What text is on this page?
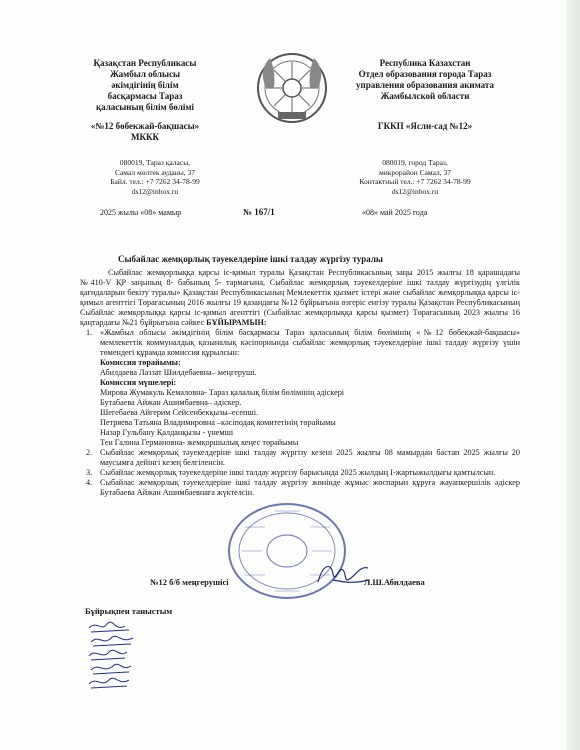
Қазақстан Республикасы
Жамбыл облысы
әкімдігінің білім
басқармасы Тараз
қаласының білім бөлімі
«№12 бөбекжай-бақшасы»
МККК
Республика Казахстан
Отдел образования города Тараз
управления образования акимата
Жамбылской области
ГККП «Ясли-сад №12»
080019, Тараз қаласы,
Самал мөлтек ауданы, 37
Байл. тел.: +7 7262 34-78-99
ds12@inbox.ru
080019, город Тараз,
микрорайон Самал, 37
Контактный тел.: +7 7262 34-78-99
ds12@inbox.ru
2025 жылы «08» мамыр	№ 167/1	«08» май 2025 года
Сыбайлас жемқорлық тәуекелдеріне ішкі талдау жүргізу туралы

Сыбайлас жемқорлыққа қарсы іс-қимыл туралы Қазақстан Республикасының заңы 2015 жылғы 18 қарашадағы №410-V ҚР заңының 8- бабының 5- тармағына, Сыбайлас жемқорлық тәуекелдеріне ішкі талдау жүргізудің үлгілік қағидаларын бекіту туралы» Қазақстан Республикасының Мемлекеттік қызмет істері және сыбайлас жемқорлыққа қарсы іс-қимыл агенттігі Төрағасының 2016 жылғы 19 қазандағы №12 бұйрығына өзгеріс енгізу туралы Қазақстан Республикасының Сыбайлас жемқорлыққа қарсы іс-қимыл агенттігі (Сыбайлас жемқорлыққа қарсы қызмет) Төрағасының 2023 жылғы 16 қаңтардағы №21 бұйрығына сәйкес БҰЙЫРАМЫН:

1. «Жамбыл облысы әкімдігінің білім басқармасы Тараз қаласының білім бөлімінің «№12 бөбекжай-бақшасы» мемлекеттік коммуналдық қазыналық кәсіпорнында сыбайлас жемқорлық тәуекелдеріне ішкі талдау жүргізу үшін төмендегі құрамда комиссия құрылсын:
Комиссия төрайымы:
Абилдаева Лаззат Шилдебаевна– меңгеруші.
Комиссия мүшелері:
Мирова Жумакуль Кемаловна- Тараз қалалық білім бөлімінің әдіскері
Бутабаева Айжан Ашимбаевна– әдіскер.
Шегебаева Айгерим Сейсенбекқызы–есепші.
Петряева Татьяна Владимировна –кәсіподақ комитетінің төрайымы
Назар Гульбану Қалданқызы - үнемші
Тен Галина Германовна- жемқоршылық кеңес төрайымы
2. Сыбайлас жемқорлық тәуекелдеріне ішкі талдау жүргізу кезені 2025 жылғы 08 мамырдан бастап 2025 жылғы 20 маусымға дейінгі кезең белгіленсін.
3. Сыбайлас жемқорлық тәуекелдеріне ішкі талдау жүргізу барысында 2025 жылдың І-жартыжылдығы қамтылсын.
4. Сыбайлас жемқорлық тәуекелдеріне ішкі талдау жүргізу жөнінде жұмыс жоспарын құруға жауапкершілік әдіскер Бутабаева Айжан Ашимбаевнаға жүктелсін.
№12 б/б меңгерушісі	Л.Ш.Абилдаева
Бұйрықпен таныстым
